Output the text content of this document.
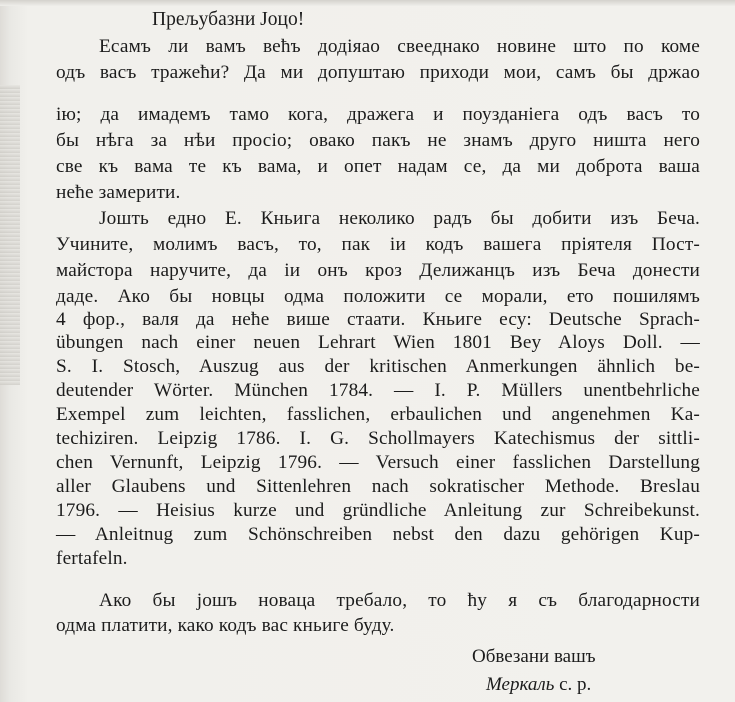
Прељубазни Јоцо!
Есамъ ли вамъ већъ додіяао свееднако новине што по коме
одъ васъ тражећи? Да ми допуштаю приходи мои, самъ бы држао
ію; да имадемъ тамо кога, дражега и поузданіега одъ васъ то
бы нѣга за нѣи просіо; овако пакъ не знамъ друго ништа него
све къ вама те къ вама, и опет надам се, да ми доброта ваша
неће замерити.
Јошть едно Е. Кньига неколико радъ бы добити изъ Беча.
Учините, молимъ васъ, то, пак іи кодъ вашега пріятеля Пост-
майстора наручите, да іи онъ кроз Делижанцъ изъ Беча донести
даде. Ако бы новцы одма положити се морали, ето пошилямъ
4 фор., валя да неће више стаати. Кньиге есу: Deutsche Sprach-
übungen nach einer neuen Lehrart Wien 1801 Bey Aloys Doll. —
S. I. Stosch, Auszug aus der kritischen Anmerkungen ähnlich be-
deutender Wörter. München 1784. — I. P. Müllers unentbehrliche
Exempel zum leichten, fasslichen, erbaulichen und angenehmen Ka-
techiziren. Leipzig 1786. I. G. Schollmayers Katechismus der sittli-
chen Vernunft, Leipzig 1796. — Versuch einer fasslichen Darstellung
aller Glaubens und Sittenlehren nach sokratischer Methode. Breslau
1796. — Heisius kurze und gründliche Anleitung zur Schreibekunst.
— Anleitnug zum Schönschreiben nebst den dazu gehörigen Kup-
fertafeln.
Ако бы јошъ новаца требало, то ћу я съ благодарности
одма платити, како кодъ вас кньиге буду.
Обвезани вашъ
Меркаль с. р.
